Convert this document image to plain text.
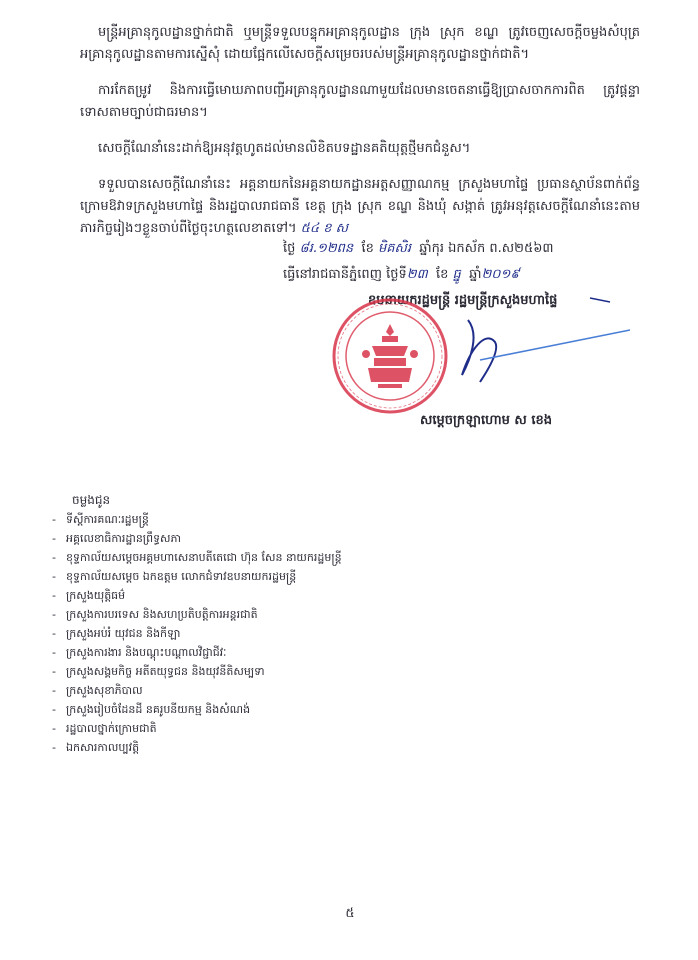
មន្ត្រីអគ្រានុកូលដ្ឋានថ្នាក់ជាតិ ឬមន្ត្រីទទួលបន្ទុកអគ្រានុកូលដ្ឋាន ក្រុង ស្រុក ខណ្ឌ ត្រូវចេញសេចក្តីចម្លងសំបុត្រអគ្រានុកូលដ្ឋានតាមការស្នើសុំ ដោយផ្អែកលើសេចក្តីសម្រេចរបស់មន្ត្រីអគ្រានុកូលដ្ឋានថ្នាក់ជាតិ។
ការកែតម្រូវ និងការធ្វើមោឃភាពបញ្ជីអគ្រានុកូលដ្ឋានណាមួយដែលមានចេតនាធ្វើឱ្យប្រាសចាកការពិត ត្រូវផ្តន្ទាទោសតាមច្បាប់ជាធរមាន។
សេចក្តីណែនាំនេះដាក់ឱ្យអនុវត្តហូតដល់មានលិខិតបទដ្ឋានគតិយុត្តថ្មីមកជំនួស។
ទទួលបានសេចក្តីណែនាំនេះ អគ្គនាយកនៃអគ្គនាយកដ្ឋានអត្តសញ្ញាណកម្ម ក្រសួងមហាផ្ទៃ ប្រធានស្ថាប័នពាក់ព័ន្ធក្រោមឱវាទក្រសួងមហាផ្ទៃ និងរដ្ឋបាលរាជធានី ខេត្ត ក្រុង ស្រុក ខណ្ឌ និងឃុំ សង្កាត់ ត្រូវអនុវត្តសេចក្តីណែនាំនេះតាមភារកិច្ចរៀងៗខ្លួនចាប់ពីថ្ងៃចុះហត្ថលេខាតទៅ។ ៥៤ ខ ស
ថ្ងៃ ៨រ.១២ពន ខែ មិគសិរ ឆ្នាំកុរ ឯកស័ក ព.ស២៥៦៣
ធ្វើនៅរាជធានីភ្នំពេញ ថ្ងៃទី២៣ ខែ ធ្នូ ឆ្នាំ២០១៩
ឧបនាយករដ្ឋមន្ត្រី រដ្ឋមន្ត្រីក្រសួងមហាផ្ទៃ
សម្តេចក្រឡាហោម ស ខេង
ចម្លងជូន
- ទីស្តីការគណៈរដ្ឋមន្ត្រី
- អគ្គលេខាធិការដ្ឋានព្រឹទ្ធសភា
- ខុទ្ទកាល័យសម្តេចអគ្គមហាសេនាបតីតេជោ ហ៊ុន សែន នាយករដ្ឋមន្ត្រី
- ខុទ្ទកាល័យសម្តេច ឯកឧត្តម លោកជំទាវឧបនាយករដ្ឋមន្ត្រី
- ក្រសួងយុត្តិធម៌
- ក្រសួងការបរទេស និងសហប្រតិបត្តិការអន្តរជាតិ
- ក្រសួងអប់រំ យុវជន និងកីឡា
- ក្រសួងការងារ និងបណ្តុះបណ្តាលវិជ្ជាជីវៈ
- ក្រសួងសង្គមកិច្ច អតីតយុទ្ធជន និងយុវនីតិសម្បទា
- ក្រសួងសុខាភិបាល
- ក្រសួងរៀបចំដែនដី នគរូបនីយកម្ម និងសំណង់
- រដ្ឋបាលថ្នាក់ក្រោមជាតិ
- ឯកសារកាលប្បវត្តិ
៥
